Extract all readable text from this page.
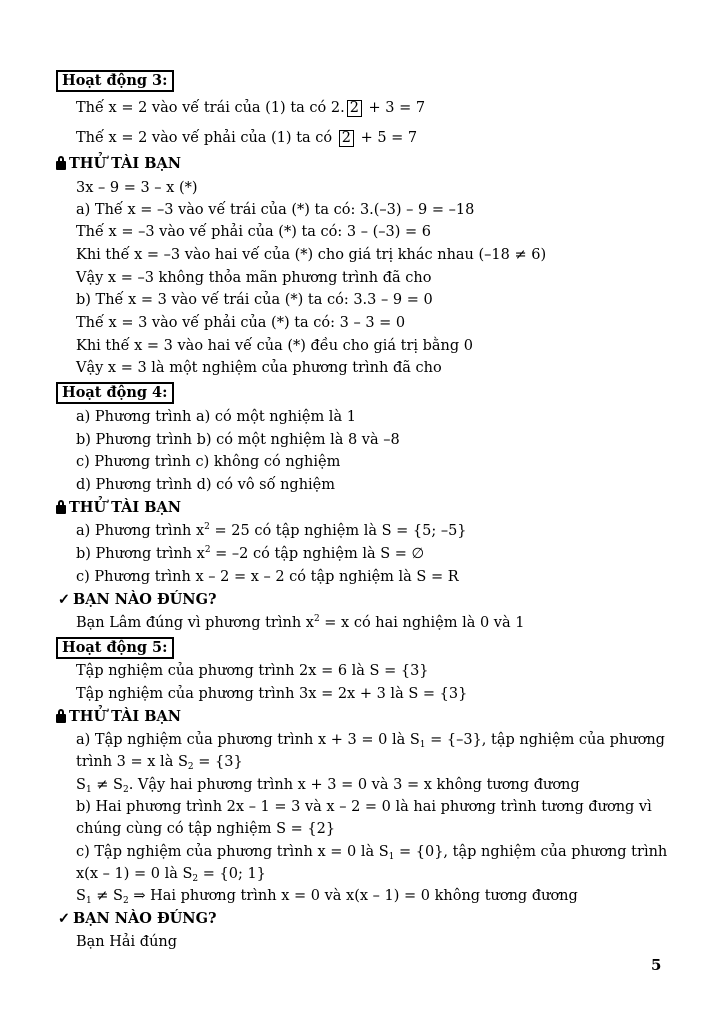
Hoạt động 3:
Thế x = 2 vào vế trái của (1) ta có 2. 2 + 3 = 7
Thế x = 2 vào vế phải của (1) ta có 2 + 5 = 7
THỬ TÀI BẠN
3x – 9 = 3 – x (*)
a) Thế x = –3 vào vế trái của (*) ta có: 3.(–3) – 9 = –18
Thế x = –3 vào vế phải của (*) ta có: 3 – (–3) = 6
Khi thế x = –3 vào hai vế của (*) cho giá trị khác nhau (–18 ≠ 6)
Vậy x = –3 không thỏa mãn phương trình đã cho
b) Thế x = 3 vào vế trái của (*) ta có: 3.3 – 9 = 0
Thế x = 3 vào vế phải của (*) ta có: 3 – 3 = 0
Khi thế x = 3 vào hai vế của (*) đều cho giá trị bằng 0
Vậy x = 3 là một nghiệm của phương trình đã cho
Hoạt động 4:
a) Phương trình a) có một nghiệm là 1
b) Phương trình b) có một nghiệm là 8 và –8
c) Phương trình c) không có nghiệm
d) Phương trình d) có vô số nghiệm
THỬ TÀI BẠN
a) Phương trình $x^2 = 25$ có tập nghiệm là S = {5; –5}
b) Phương trình $x^2 = -2$ có tập nghiệm là S = ∅
c) Phương trình x – 2 = x – 2 có tập nghiệm là S = R
✓ BẠN NÀO ĐÚNG?
Bạn Lâm đúng vì phương trình $x^2 = x$ có hai nghiệm là 0 và 1
Hoạt động 5:
Tập nghiệm của phương trình 2x = 6 là S = {3}
Tập nghiệm của phương trình 3x = 2x + 3 là S = {3}
THỬ TÀI BẠN
a) Tập nghiệm của phương trình x + 3 = 0 là $S_1 = \{-3\}$, tập nghiệm của phương
trình 3 = x là $S_2 = \{3\}$
$S_1 \ne S_2$. Vậy hai phương trình x + 3 = 0 và 3 = x không tương đương
b) Hai phương trình 2x – 1 = 3 và x – 2 = 0 là hai phương trình tương đương vì
chúng cùng có tập nghiệm S = {2}
c) Tập nghiệm của phương trình x = 0 là $S_1 = \{0\}$, tập nghiệm của phương trình
x(x – 1) = 0 là $S_2 = \{0$; 1}
$S_1 \ne S_2$ ⇒ Hai phương trình x = 0 và x(x – 1) = 0 không tương đương
✓ BẠN NÀO ĐÚNG?
Bạn Hải đúng
5
